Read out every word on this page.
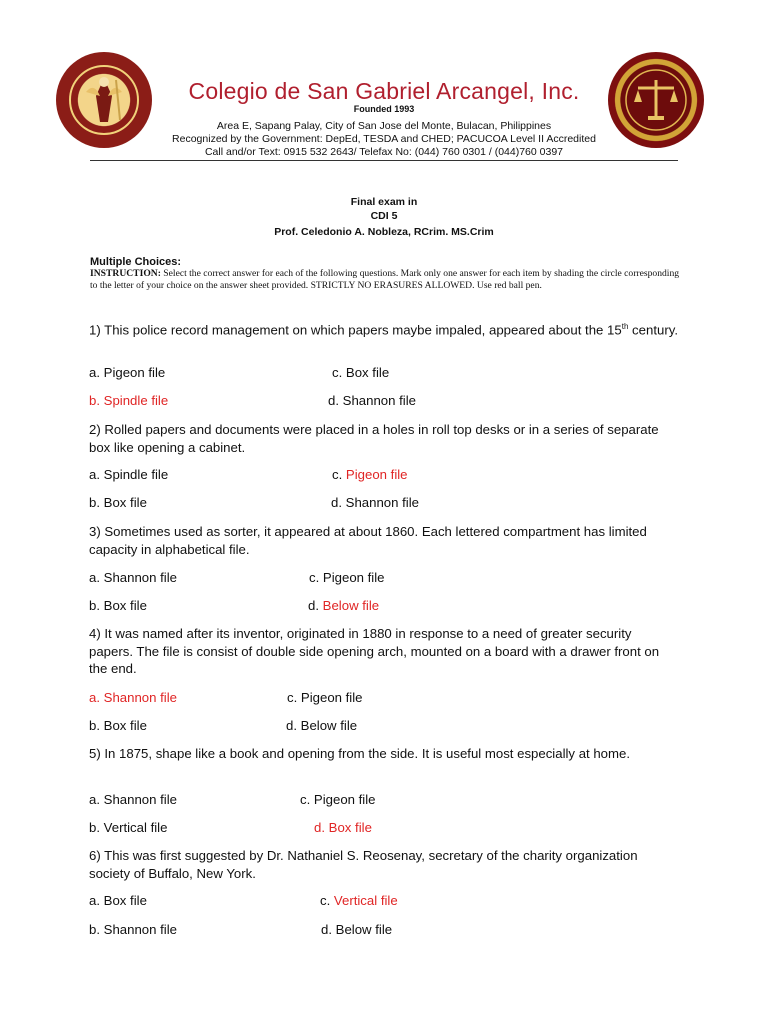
Colegio de San Gabriel Arcangel, Inc.
Founded 1993
Area E, Sapang Palay, City of San Jose del Monte, Bulacan, Philippines
Recognized by the Government: DepEd, TESDA and CHED; PACUCOA Level II Accredited
Call and/or Text: 0915 532 2643/ Telefax No: (044) 760 0301 / (044)760 0397
Final exam in
CDI 5
Prof. Celedonio A. Nobleza, RCrim. MS.Crim
Multiple Choices:
INSTRUCTION: Select the correct answer for each of the following questions. Mark only one answer for each item by shading the circle corresponding to the letter of your choice on the answer sheet provided. STRICTLY NO ERASURES ALLOWED. Use red ball pen.
1) This police record management on which papers maybe impaled, appeared about the 15th century.
a. Pigeon file	c. Box file
b. Spindle file	d. Shannon file
2) Rolled papers and documents were placed in a holes in roll top desks or in a series of separate box like opening a cabinet.
a. Spindle file	c. Pigeon file
b. Box file	d. Shannon file
3) Sometimes used as sorter, it appeared at about 1860. Each lettered compartment has limited capacity in alphabetical file.
a. Shannon file	c. Pigeon file
b. Box file	d. Below file
4) It was named after its inventor, originated in 1880 in response to a need of greater security papers. The file is consist of double side opening arch, mounted on a board with a drawer front on the end.
a. Shannon file	c. Pigeon file
b. Box file	d. Below file
5) In 1875, shape like a book and opening from the side. It is useful most especially at home.
a. Shannon file	c. Pigeon file
b. Vertical file	d. Box file
6) This was first suggested by Dr. Nathaniel S. Reosenay, secretary of the charity organization society of Buffalo, New York.
a. Box file	c. Vertical file
b. Shannon file	d. Below file
